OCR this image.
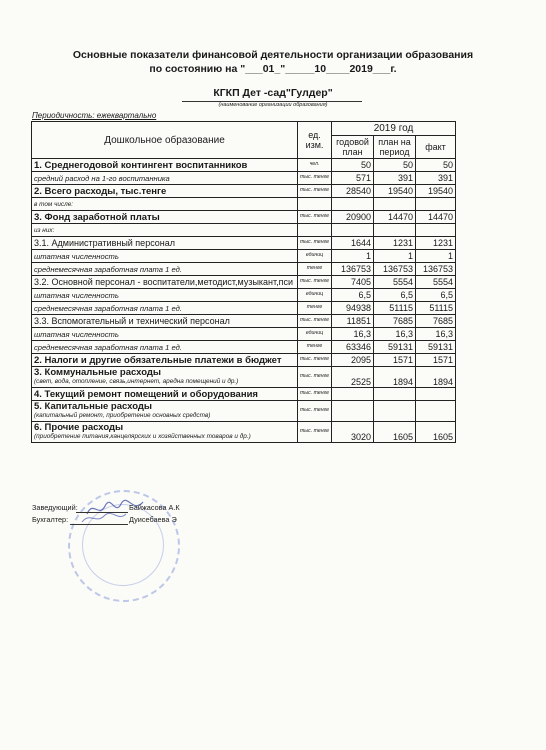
Основные показатели финансовой деятельности организации образования
по состоянию на "___01_"_____10____2019___г.
КГКП Дет -сад"Гулдер"
(наименование организации образования)
Периодичность: ежеквартально
Дошкольное образование	ед. изм.	2019 год		
		годовой план	план на период	факт
1. Среднегодовой контингент воспитанников	чел.	50	50	50
средний расход на 1-го воспитанника	тыс. тенге	571	391	391
2. Всего расходы, тыс.тенге	тыс. тенге	28540	19540	19540
в том числе:				
3. Фонд заработной платы	тыс. тенге	20900	14470	14470
из них:				
3.1. Административный персонал	тыс. тенге	1644	1231	1231
штатная численность	единиц	1	1	1
среднемесячная заработная плата 1 ед.	тенге	136753	136753	136753
3.2. Основной персонал - воспитатели,методист,музыкант,пси	тыс. тенге	7405	5554	5554
штатная численность	единиц	6,5	6,5	6,5
среднемесячная заработная плата 1 ед.	тенге	94938	51115	51115
3.3. Вспомогательный и технический персонал	тыс. тенге	11851	7685	7685
штатная численность	единиц	16,3	16,3	16,3
среднемесячная заработная плата 1 ед.	тенге	63346	59131	59131
2. Налоги и другие обязательные платежи в бюджет	тыс. тенге	2095	1571	1571

3. Коммунальные расходы
(свет, вода, отопление, связь,интернет, аредна помещений и др.)	тыс. тенге	2525	1894	1894
4. Текущий ремонт помещений и оборудования	тыс. тенге			

5. Капитальные расходы
(капитальный ремонт, приобретение основных средств)	тыс. тенге			

6. Прочие расходы
(приобретение питания,канцелярских и хозяйственных товаров и др.)	тыс. тенге	3020	1605	1605
Заведующий:	Байжасова А.К
Бухгалтер:	Дуисебаева Э
